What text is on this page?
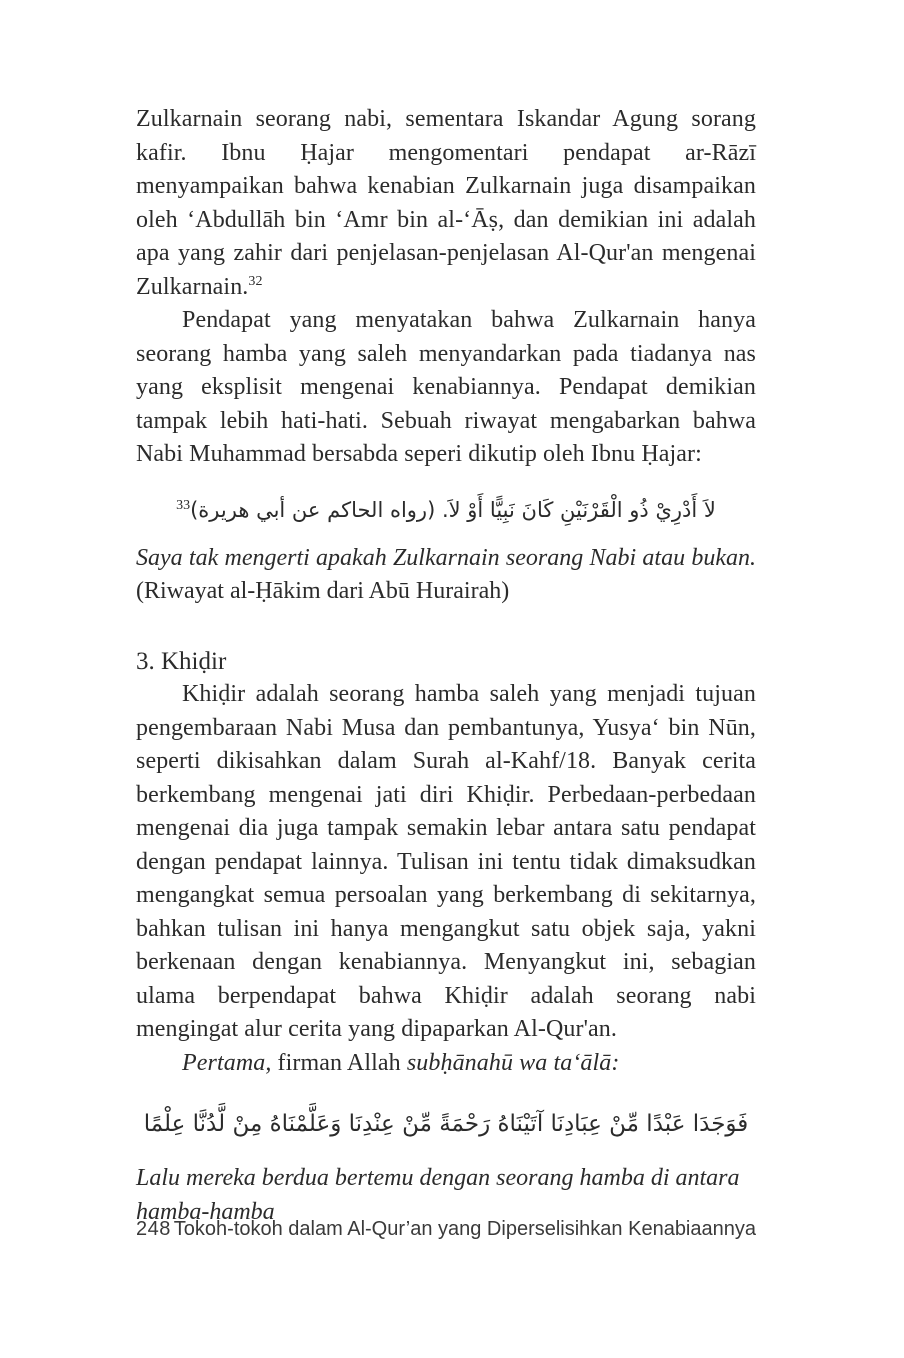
Zulkarnain seorang nabi, sementara Iskandar Agung sorang kafir. Ibnu Ḥajar mengomentari pendapat ar-Rāzī menyampaikan bahwa kenabian Zulkarnain juga disampaikan oleh ‘Abdullāh bin ‘Amr bin al-‘Āṣ, dan demikian ini adalah apa yang zahir dari penjelasan-penjelasan Al-Qur'an mengenai Zulkarnain.$^{32}$

Pendapat yang menyatakan bahwa Zulkarnain hanya seorang hamba yang saleh menyandarkan pada tiadanya nas yang eksplisit mengenai kenabiannya. Pendapat demikian tampak lebih hati-hati. Sebuah riwayat mengabarkan bahwa Nabi Muhammad bersabda seperi dikutip oleh Ibnu Ḥajar:

لاَ أَدْرِيْ ذُو الْقَرْنَيْنِ كَانَ نَبِيًّا أَوْ لاَ. (رواه الحاكم عن أبي هريرة)$^{33}$

Saya tak mengerti apakah Zulkarnain seorang Nabi atau bukan. (Riwayat al-Ḥākim dari Abū Hurairah)

3. Khiḍir

Khiḍir adalah seorang hamba saleh yang menjadi tujuan pengembaraan Nabi Musa dan pembantunya, Yusya‘ bin Nūn, seperti dikisahkan dalam Surah al-Kahf/18. Banyak cerita berkembang mengenai jati diri Khiḍir. Perbedaan-perbedaan mengenai dia juga tampak semakin lebar antara satu pendapat dengan pendapat lainnya. Tulisan ini tentu tidak dimaksudkan mengangkat semua persoalan yang berkembang di sekitarnya, bahkan tulisan ini hanya mengangkut satu objek saja, yakni berkenaan dengan kenabiannya. Menyangkut ini, sebagian ulama berpendapat bahwa Khiḍir adalah seorang nabi mengingat alur cerita yang dipaparkan Al-Qur'an.

Pertama, firman Allah subḥānahū wa ta‘ālā:

فَوَجَدَا عَبْدًا مِّنْ عِبَادِنَا آتَيْنَاهُ رَحْمَةً مِّنْ عِنْدِنَا وَعَلَّمْنَاهُ مِنْ لَّدُنَّا عِلْمًا

Lalu mereka berdua bertemu dengan seorang hamba di antara hamba-hamba

248 Tokoh-tokoh dalam Al-Qur’an yang Diperselisihkan Kenabiaannya
